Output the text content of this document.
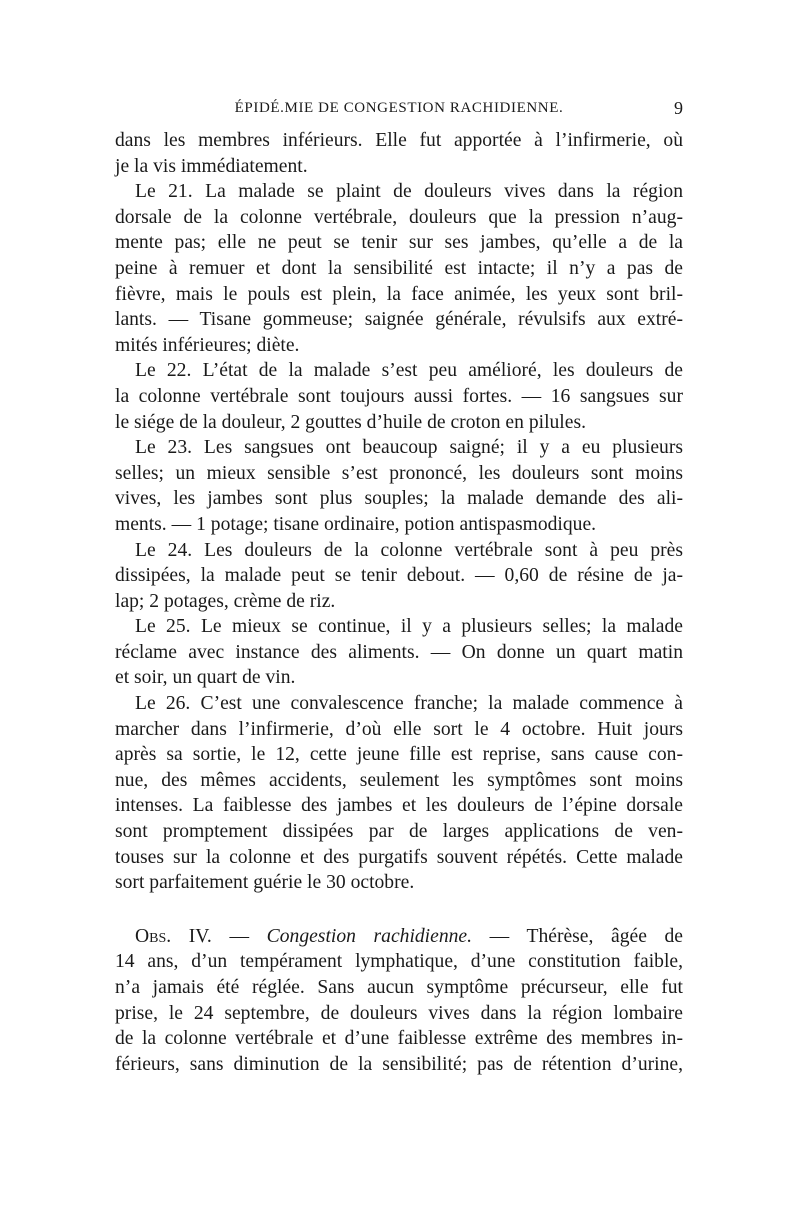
ÉPIDÉ.MIE DE CONGESTION RACHIDIENNE.	9

dans les membres inférieurs. Elle fut apportée à l’infirmerie, où
je la vis immédiatement.

Le 21. La malade se plaint de douleurs vives dans la région
dorsale de la colonne vertébrale, douleurs que la pression n’aug-
mente pas; elle ne peut se tenir sur ses jambes, qu’elle a de la
peine à remuer et dont la sensibilité est intacte; il n’y a pas de
fièvre, mais le pouls est plein, la face animée, les yeux sont bril-
lants. — Tisane gommeuse; saignée générale, révulsifs aux extré-
mités inférieures; diète.

Le 22. L’état de la malade s’est peu amélioré, les douleurs de
la colonne vertébrale sont toujours aussi fortes. — 16 sangsues sur
le siége de la douleur, 2 gouttes d’huile de croton en pilules.

Le 23. Les sangsues ont beaucoup saigné; il y a eu plusieurs
selles; un mieux sensible s’est prononcé, les douleurs sont moins
vives, les jambes sont plus souples; la malade demande des ali-
ments. — 1 potage; tisane ordinaire, potion antispasmodique.

Le 24. Les douleurs de la colonne vertébrale sont à peu près
dissipées, la malade peut se tenir debout. — 0,60 de résine de ja-
lap; 2 potages, crème de riz.

Le 25. Le mieux se continue, il y a plusieurs selles; la malade
réclame avec instance des aliments. — On donne un quart matin
et soir, un quart de vin.

Le 26. C’est une convalescence franche; la malade commence à
marcher dans l’infirmerie, d’où elle sort le 4 octobre. Huit jours
après sa sortie, le 12, cette jeune fille est reprise, sans cause con-
nue, des mêmes accidents, seulement les symptômes sont moins
intenses. La faiblesse des jambes et les douleurs de l’épine dorsale
sont promptement dissipées par de larges applications de ven-
touses sur la colonne et des purgatifs souvent répétés. Cette malade
sort parfaitement guérie le 30 octobre.

Obs. IV. — Congestion rachidienne. — Thérèse, âgée de
14 ans, d’un tempérament lymphatique, d’une constitution faible,
n’a jamais été réglée. Sans aucun symptôme précurseur, elle fut
prise, le 24 septembre, de douleurs vives dans la région lombaire
de la colonne vertébrale et d’une faiblesse extrême des membres in-
férieurs, sans diminution de la sensibilité; pas de rétention d’urine,
